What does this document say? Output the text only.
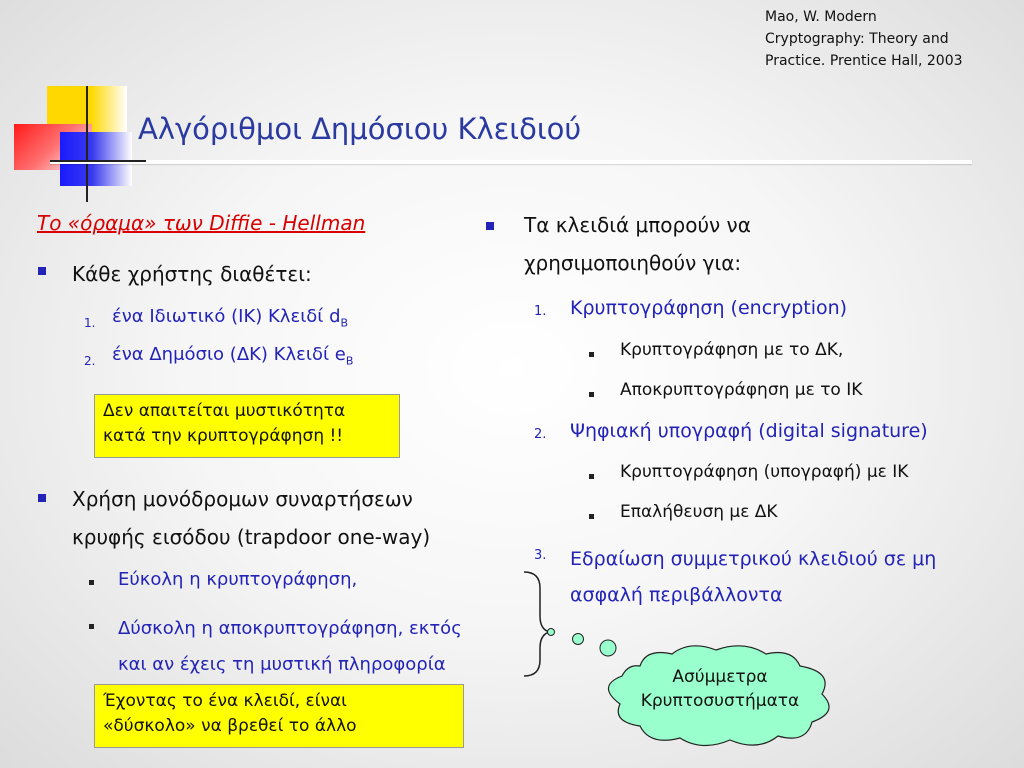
Mao, W. Modern
Cryptography: Theory and
Practice. Prentice Hall, 2003
Αλγόριθμοι Δημόσιου Κλειδιού
Το «όραμα» των Diffie - Hellman
Κάθε χρήστης διαθέτει:
1. ένα Ιδιωτικό (ΙΚ) Κλειδί $d_B$
2. ένα Δημόσιο (ΔΚ) Κλειδί $e_B$
Δεν απαιτείται μυστικότητα
κατά την κρυπτογράφηση !!
Χρήση μονόδρομων συναρτήσεων
κρυφής εισόδου (trapdoor one-way)
Εύκολη η κρυπτογράφηση,
Δύσκολη η αποκρυπτογράφηση, εκτός
και αν έχεις τη μυστική πληροφορία
Έχοντας το ένα κλειδί, είναι
«δύσκολο» να βρεθεί το άλλο
Τα κλειδιά μπορούν να
χρησιμοποιηθούν για:
1. Κρυπτογράφηση (encryption)
Κρυπτογράφηση με το ΔΚ,
Αποκρυπτογράφηση με το ΙΚ
2. Ψηφιακή υπογραφή (digital signature)
Κρυπτογράφηση (υπογραφή) με ΙΚ
Επαλήθευση με ΔΚ
3. Εδραίωση συμμετρικού κλειδιού σε μη
ασφαλή περιβάλλοντα
Ασύμμετρα
Κρυπτοσυστήματα
